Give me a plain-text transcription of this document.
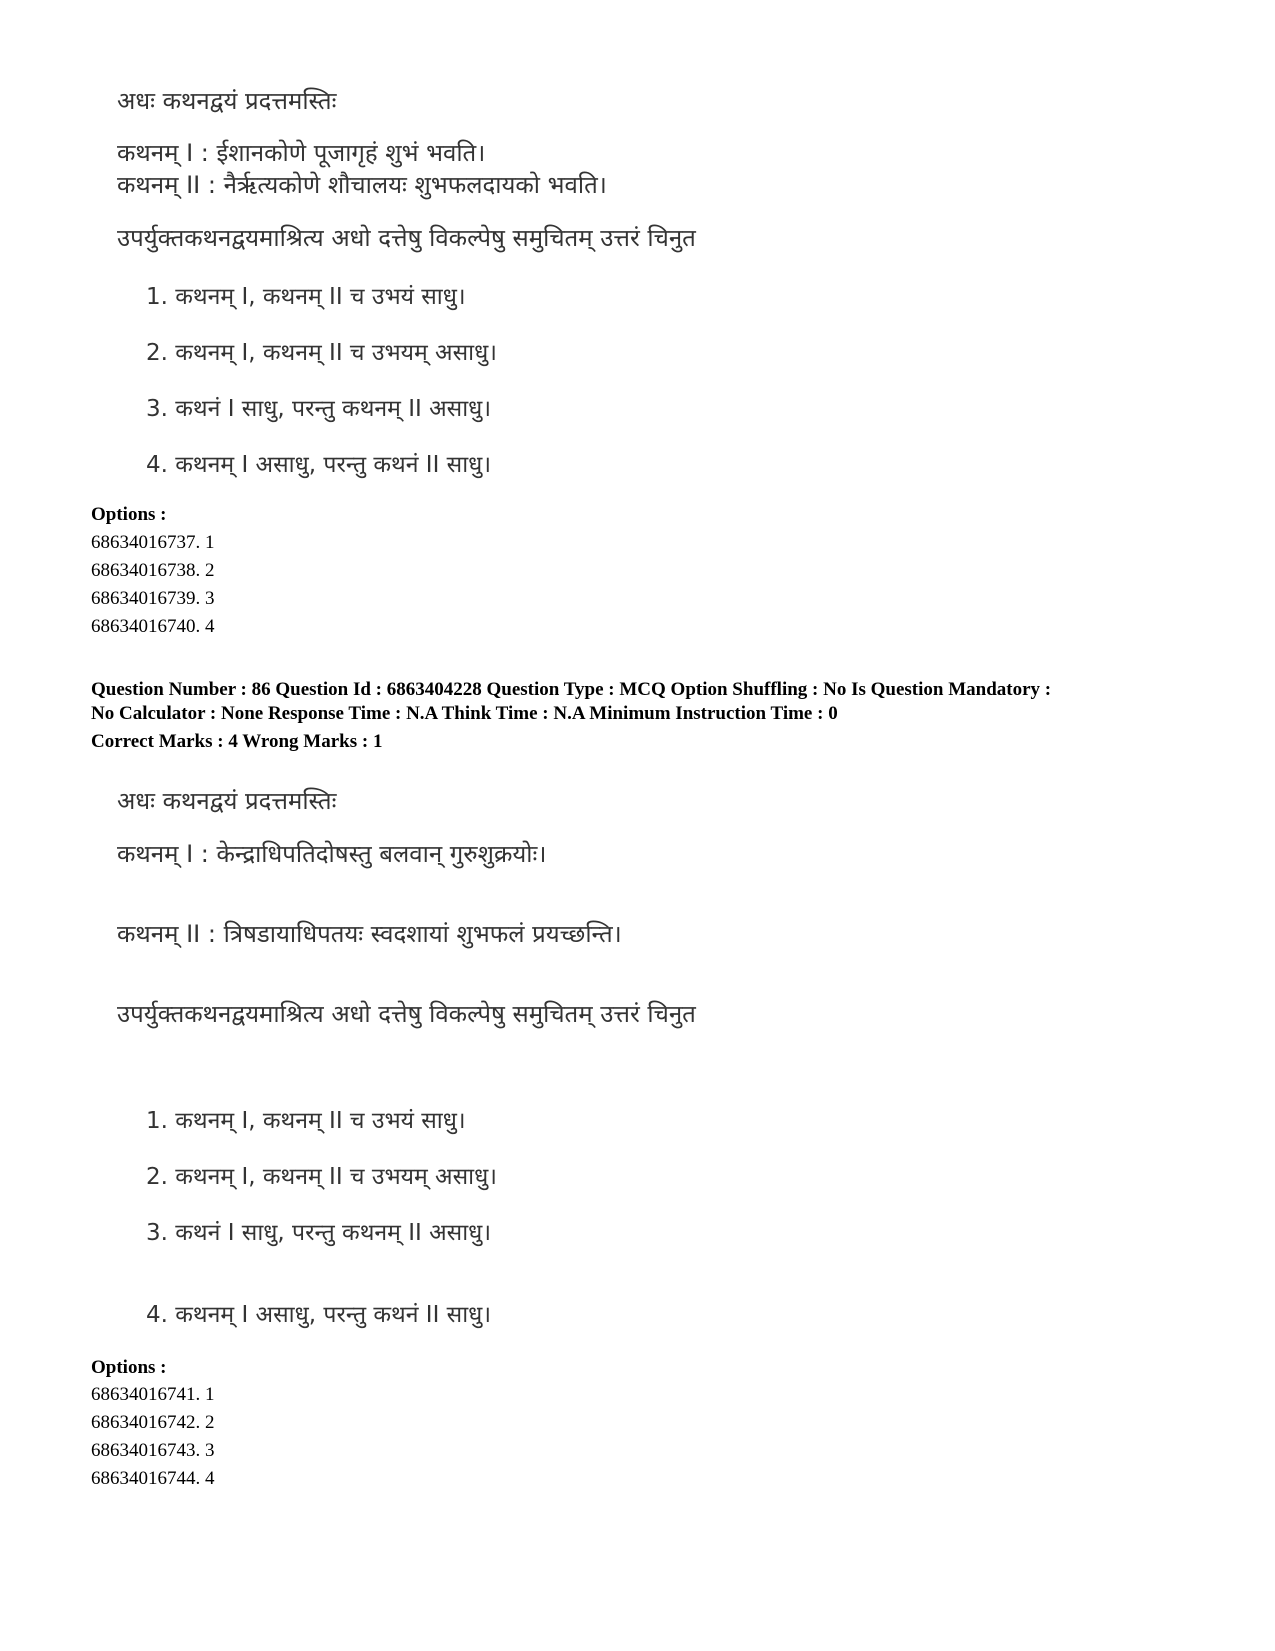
अधः कथनद्वयं प्रदत्तमस्तिः
कथनम् I : ईशानकोणे पूजागृहं शुभं भवति।
कथनम् II : नैर्ऋत्यकोणे शौचालयः शुभफलदायको भवति।
उपर्युक्तकथनद्वयमाश्रित्य अधो दत्तेषु विकल्पेषु समुचितम् उत्तरं चिनुत
1. कथनम् I, कथनम् II च उभयं साधु।
2. कथनम् I, कथनम् II च उभयम् असाधु।
3. कथनं I साधु, परन्तु कथनम् II असाधु।
4. कथनम् I असाधु, परन्तु कथनं II साधु।
Options :
68634016737. 1
68634016738. 2
68634016739. 3
68634016740. 4
Question Number : 86 Question Id : 6863404228 Question Type : MCQ Option Shuffling : No Is Question Mandatory :
No Calculator : None Response Time : N.A Think Time : N.A Minimum Instruction Time : 0
Correct Marks : 4 Wrong Marks : 1
अधः कथनद्वयं प्रदत्तमस्तिः
कथनम् I : केन्द्राधिपतिदोषस्तु बलवान् गुरुशुक्रयोः।
कथनम् II : त्रिषडायाधिपतयः स्वदशायां शुभफलं प्रयच्छन्ति।
उपर्युक्तकथनद्वयमाश्रित्य अधो दत्तेषु विकल्पेषु समुचितम् उत्तरं चिनुत
1. कथनम् I, कथनम् II च उभयं साधु।
2. कथनम् I, कथनम् II च उभयम् असाधु।
3. कथनं I साधु, परन्तु कथनम् II असाधु।
4. कथनम् I असाधु, परन्तु कथनं II साधु।
Options :
68634016741. 1
68634016742. 2
68634016743. 3
68634016744. 4
